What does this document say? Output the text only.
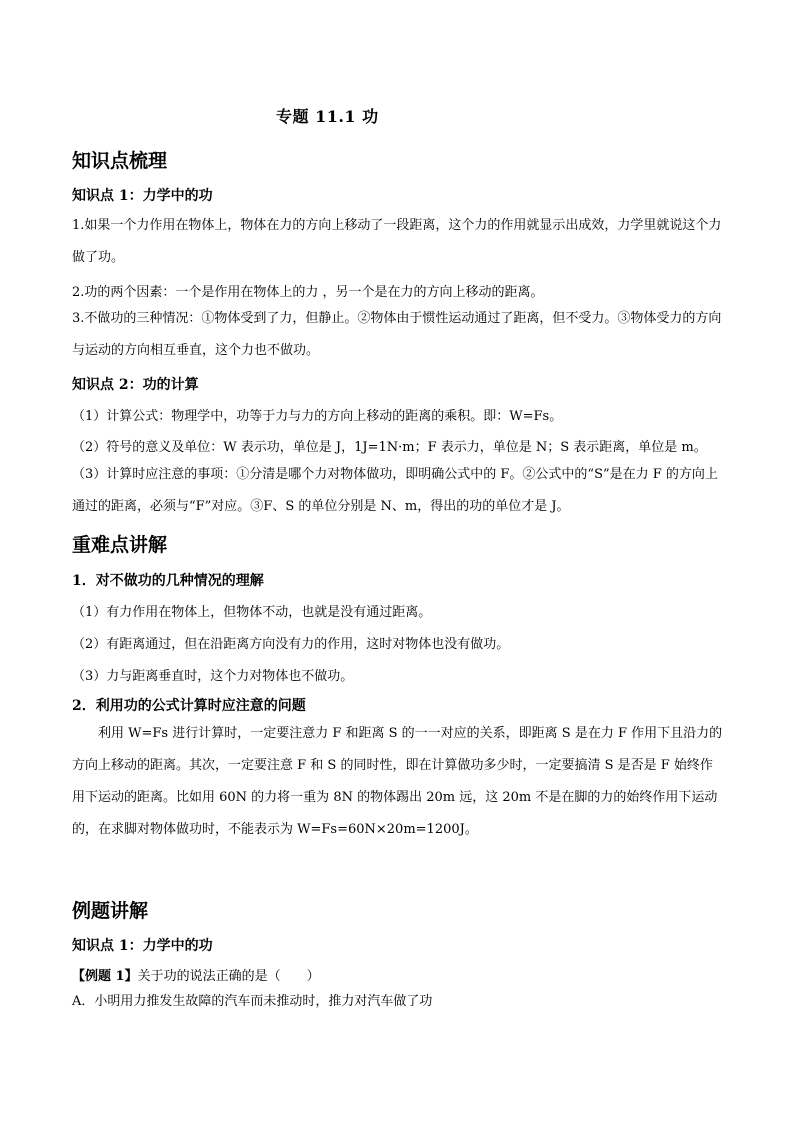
专题 11.1 功
知识点梳理
知识点 1：力学中的功
1.如果一个力作用在物体上，物体在力的方向上移动了一段距离，这个力的作用就显示出成效，力学里就说这个力做了功。
2.功的两个因素：一个是作用在物体上的力 ，另一个是在力的方向上移动的距离。
3.不做功的三种情况：①物体受到了力，但静止。②物体由于惯性运动通过了距离，但不受力。③物体受力的方向与运动的方向相互垂直，这个力也不做功。
知识点 2：功的计算
（1）计算公式：物理学中，功等于力与力的方向上移动的距离的乘积。即：W=Fs。
（2）符号的意义及单位：W 表示功，单位是 J，1J=1N·m；F 表示力，单位是 N；S 表示距离，单位是 m。
（3）计算时应注意的事项：①分清是哪个力对物体做功，即明确公式中的 F。②公式中的“S”是在力 F 的方向上通过的距离，必须与“F”对应。③F、S 的单位分别是 N、m，得出的功的单位才是 J。
重难点讲解
1．对不做功的几种情况的理解
（1）有力作用在物体上，但物体不动，也就是没有通过距离。
（2）有距离通过，但在沿距离方向没有力的作用，这时对物体也没有做功。
（3）力与距离垂直时，这个力对物体也不做功。
2．利用功的公式计算时应注意的问题
利用 W=Fs 进行计算时，一定要注意力 F 和距离 S 的一一对应的关系，即距离 S 是在力 F 作用下且沿力的方向上移动的距离。其次，一定要注意 F 和 S 的同时性，即在计算做功多少时，一定要搞清 S 是否是 F 始终作用下运动的距离。比如用 60N 的力将一重为 8N 的物体踢出 20m 远，这 20m 不是在脚的力的始终作用下运动的，在求脚对物体做功时，不能表示为 W=Fs=60N×20m=1200J。
例题讲解
知识点 1：力学中的功
【例题 1】关于功的说法正确的是（　　）
A．小明用力推发生故障的汽车而未推动时，推力对汽车做了功
